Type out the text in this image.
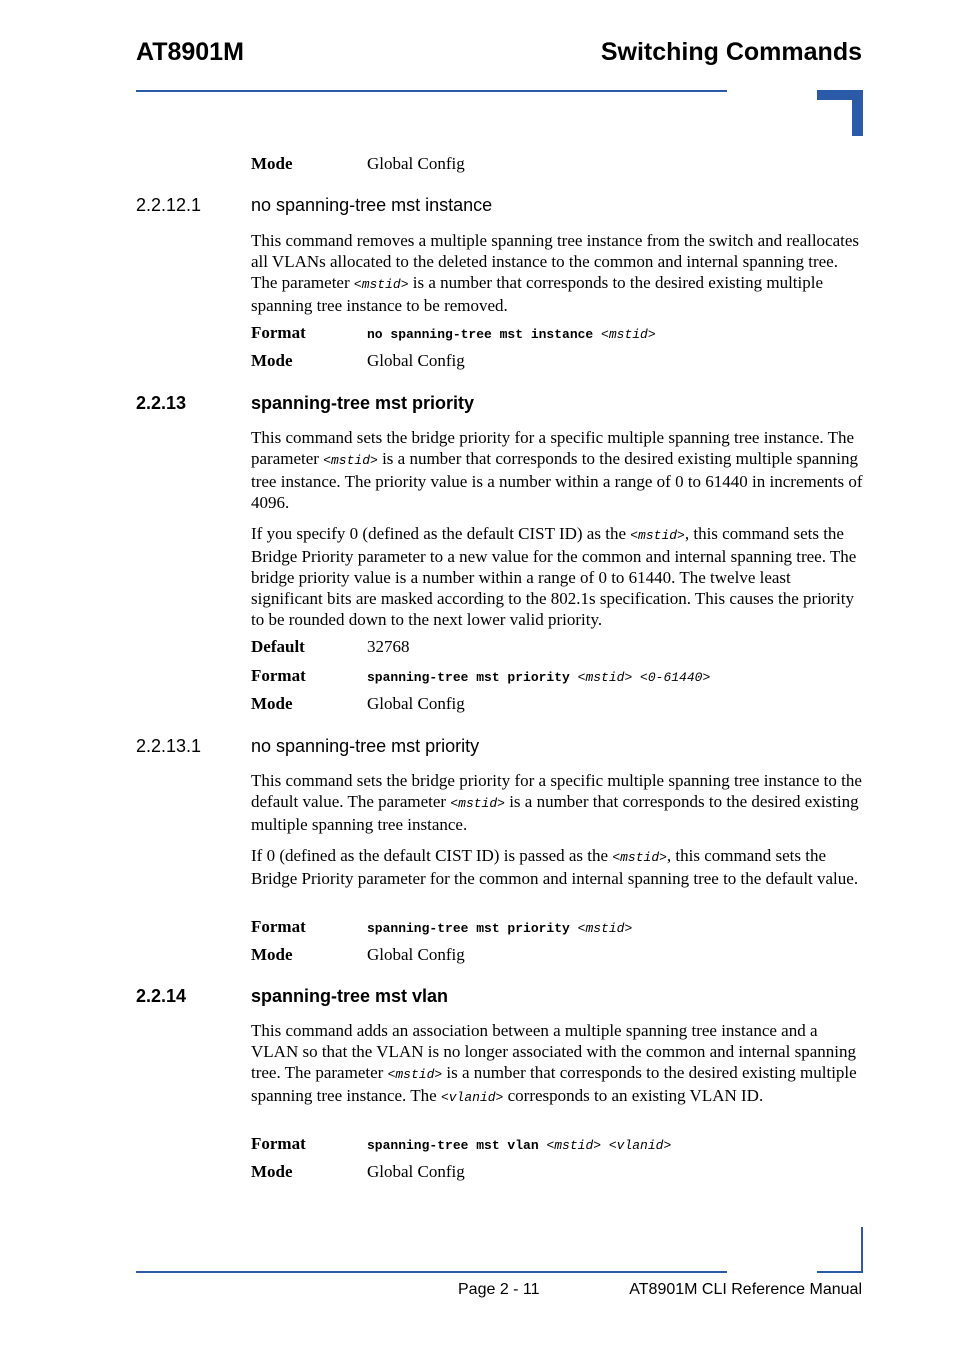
AT8901M	Switching Commands
Mode	Global Config
2.2.12.1	no spanning-tree mst instance

This command removes a multiple spanning tree instance from the switch and reallocates all VLANs allocated to the deleted instance to the common and internal spanning tree. The parameter <mstid> is a number that corresponds to the desired existing multiple spanning tree instance to be removed.

Format	no spanning-tree mst instance <mstid>
Mode	Global Config
2.2.13	spanning-tree mst priority

This command sets the bridge priority for a specific multiple spanning tree instance. The parameter <mstid> is a number that corresponds to the desired existing multiple spanning tree instance. The priority value is a number within a range of 0 to 61440 in increments of 4096.

If you specify 0 (defined as the default CIST ID) as the <mstid>, this command sets the Bridge Priority parameter to a new value for the common and internal spanning tree. The bridge priority value is a number within a range of 0 to 61440. The twelve least significant bits are masked according to the 802.1s specification. This causes the priority to be rounded down to the next lower valid priority.

Default	32768
Format	spanning-tree mst priority <mstid> <0-61440>
Mode	Global Config
2.2.13.1	no spanning-tree mst priority

This command sets the bridge priority for a specific multiple spanning tree instance to the default value. The parameter <mstid> is a number that corresponds to the desired existing multiple spanning tree instance.

If 0 (defined as the default CIST ID) is passed as the <mstid>, this command sets the Bridge Priority parameter for the common and internal spanning tree to the default value.

Format	spanning-tree mst priority <mstid>
Mode	Global Config
2.2.14	spanning-tree mst vlan

This command adds an association between a multiple spanning tree instance and a VLAN so that the VLAN is no longer associated with the common and internal spanning tree. The parameter <mstid> is a number that corresponds to the desired existing multiple spanning tree instance. The <vlanid> corresponds to an existing VLAN ID.

Format	spanning-tree mst vlan <mstid> <vlanid>
Mode	Global Config
Page 2 - 11	AT8901M CLI Reference Manual
